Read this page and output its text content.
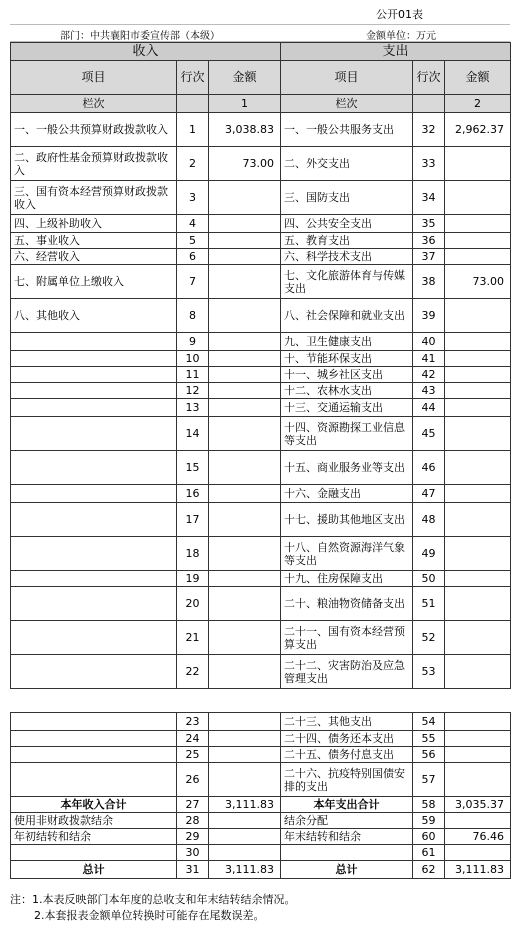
公开01表
部门：中共襄阳市委宣传部（本级）	金额单位：万元
收入			支出		
项目	行次	金额	项目	行次	金额
栏次		1	栏次		2
一、一般公共预算财政拨款收入	1	3,038.83	一、一般公共服务支出	32	2,962.37
二、政府性基金预算财政拨款收入	2	73.00	二、外交支出	33	
三、国有资本经营预算财政拨款收入	3		三、国防支出	34	
四、上级补助收入	4		四、公共安全支出	35	
五、事业收入	5		五、教育支出	36	
六、经营收入	6		六、科学技术支出	37	
七、附属单位上缴收入	7		七、文化旅游体育与传媒支出	38	73.00
八、其他收入	8		八、社会保障和就业支出	39	
	9		九、卫生健康支出	40	
	10		十、节能环保支出	41	
	11		十一、城乡社区支出	42	
	12		十二、农林水支出	43	
	13		十三、交通运输支出	44	
	14		十四、资源勘探工业信息等支出	45	
	15		十五、商业服务业等支出	46	
	16		十六、金融支出	47	
	17		十七、援助其他地区支出	48	
	18		十八、自然资源海洋气象等支出	49	
	19		十九、住房保障支出	50	
	20		二十、粮油物资储备支出	51	
	21		二十一、国有资本经营预算支出	52	
	22		二十二、灾害防治及应急管理支出	53	
	23		二十三、其他支出	54	
	24		二十四、债务还本支出	55	
	25		二十五、债务付息支出	56	
	26		二十六、抗疫特别国债安排的支出	57	
本年收入合计	27	3,111.83	本年支出合计	58	3,035.37
使用非财政拨款结余	28		结余分配	59	
年初结转和结余	29		年末结转和结余	60	76.46
	30			61	
总计	31	3,111.83	总计	62	3,111.83
注：1.本表反映部门本年度的总收支和年末结转结余情况。
2.本套报表金额单位转换时可能存在尾数误差。
